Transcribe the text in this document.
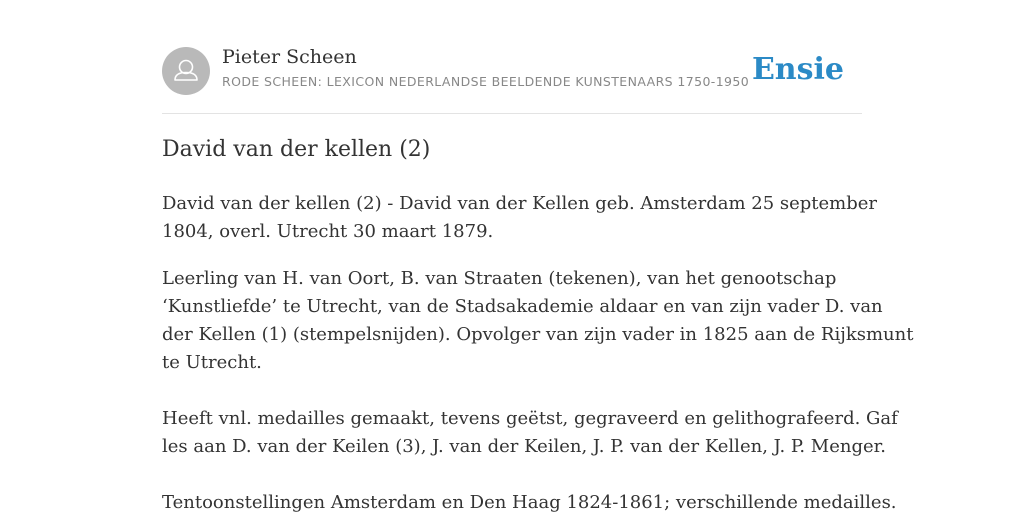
Pieter Scheen
RODE SCHEEN: LEXICON NEDERLANDSE BEELDENDE KUNSTENAARS 1750-1950 Ensie
David van der kellen (2)
David van der kellen (2) - David van der Kellen geb. Amsterdam 25 september
1804, overl. Utrecht 30 maart 1879.
Leerling van H. van Oort, B. van Straaten (tekenen), van het genootschap
‘Kunstliefde’ te Utrecht, van de Stadsakademie aldaar en van zijn vader D. van
der Kellen (1) (stempelsnijden). Opvolger van zijn vader in 1825 aan de Rijksmunt
te Utrecht.
Heeft vnl. medailles gemaakt, tevens geëtst, gegraveerd en gelithografeerd. Gaf
les aan D. van der Keilen (3), J. van der Keilen, J. P. van der Kellen, J. P. Menger.
Tentoonstellingen Amsterdam en Den Haag 1824-1861; verschillende medailles.
